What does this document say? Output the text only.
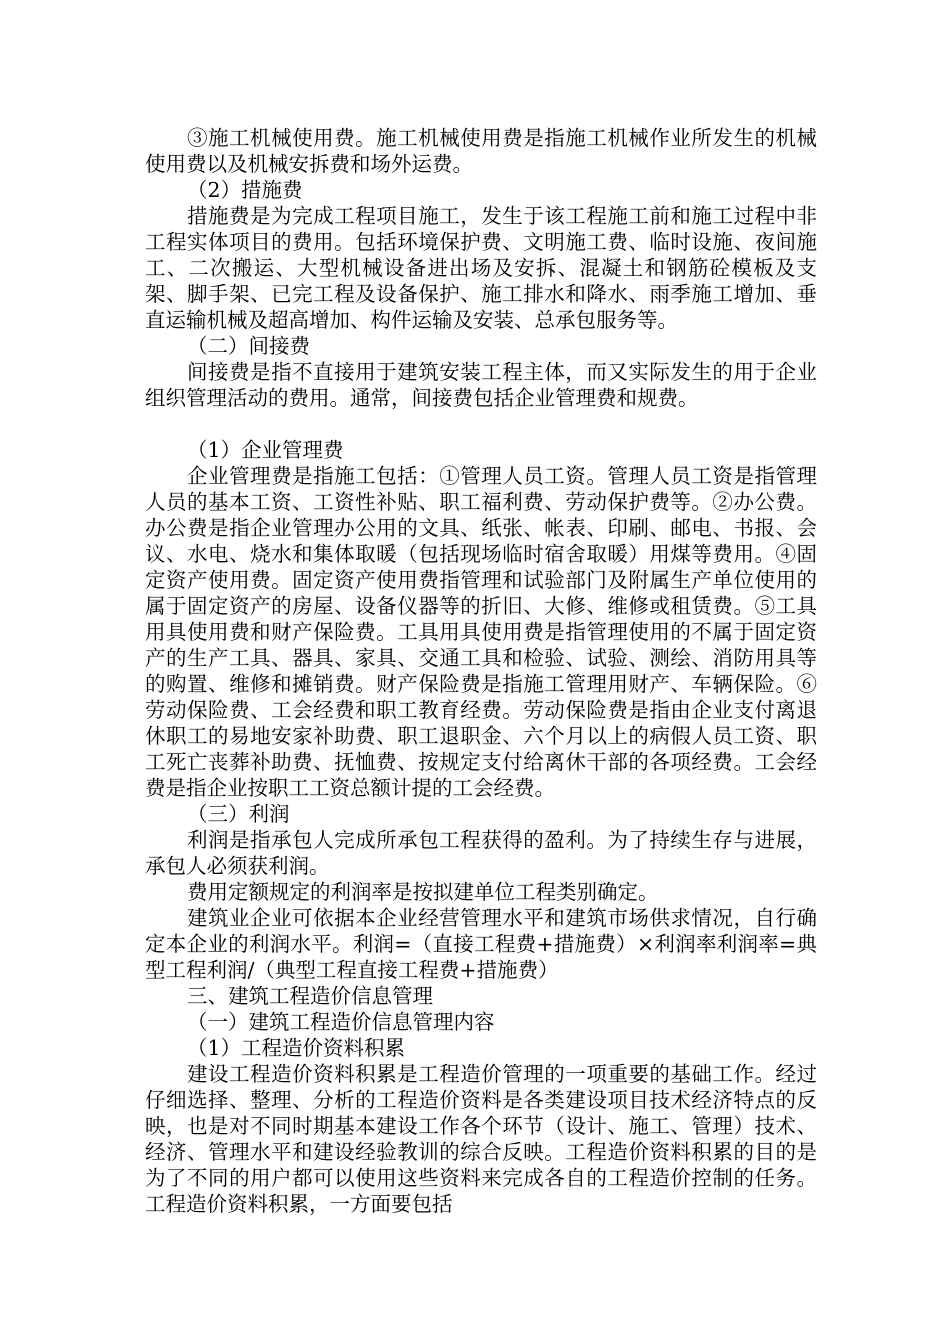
③施工机械使用费。施工机械使用费是指施工机械作业所发生的机械使用费以及机械安拆费和场外运费。
（2）措施费
措施费是为完成工程项目施工，发生于该工程施工前和施工过程中非工程实体项目的费用。包括环境保护费、文明施工费、临时设施、夜间施工、二次搬运、大型机械设备进出场及安拆、混凝土和钢筋砼模板及支架、脚手架、已完工程及设备保护、施工排水和降水、雨季施工增加、垂直运输机械及超高增加、构件运输及安装、总承包服务等。
（二）间接费
间接费是指不直接用于建筑安装工程主体，而又实际发生的用于企业组织管理活动的费用。通常，间接费包括企业管理费和规费。
（1）企业管理费
企业管理费是指施工包括：①管理人员工资。管理人员工资是指管理人员的基本工资、工资性补贴、职工福利费、劳动保护费等。②办公费。办公费是指企业管理办公用的文具、纸张、帐表、印刷、邮电、书报、会议、水电、烧水和集体取暖（包括现场临时宿舍取暖）用煤等费用。④固定资产使用费。固定资产使用费指管理和试验部门及附属生产单位使用的属于固定资产的房屋、设备仪器等的折旧、大修、维修或租赁费。⑤工具用具使用费和财产保险费。工具用具使用费是指管理使用的不属于固定资产的生产工具、器具、家具、交通工具和检验、试验、测绘、消防用具等的购置、维修和摊销费。财产保险费是指施工管理用财产、车辆保险。⑥劳动保险费、工会经费和职工教育经费。劳动保险费是指由企业支付离退休职工的易地安家补助费、职工退职金、六个月以上的病假人员工资、职工死亡丧葬补助费、抚恤费、按规定支付给离休干部的各项经费。工会经费是指企业按职工工资总额计提的工会经费。
（三）利润
利润是指承包人完成所承包工程获得的盈利。为了持续生存与进展，承包人必须获利润。
费用定额规定的利润率是按拟建单位工程类别确定。
建筑业企业可依据本企业经营管理水平和建筑市场供求情况，自行确定本企业的利润水平。利润=（直接工程费+措施费）×利润率利润率=典型工程利润/（典型工程直接工程费+措施费）
三、建筑工程造价信息管理
（一）建筑工程造价信息管理内容
（1）工程造价资料积累
建设工程造价资料积累是工程造价管理的一项重要的基础工作。经过仔细选择、整理、分析的工程造价资料是各类建设项目技术经济特点的反映，也是对不同时期基本建设工作各个环节（设计、施工、管理）技术、经济、管理水平和建设经验教训的综合反映。工程造价资料积累的目的是为了不同的用户都可以使用这些资料来完成各自的工程造价控制的任务。工程造价资料积累，一方面要包括
